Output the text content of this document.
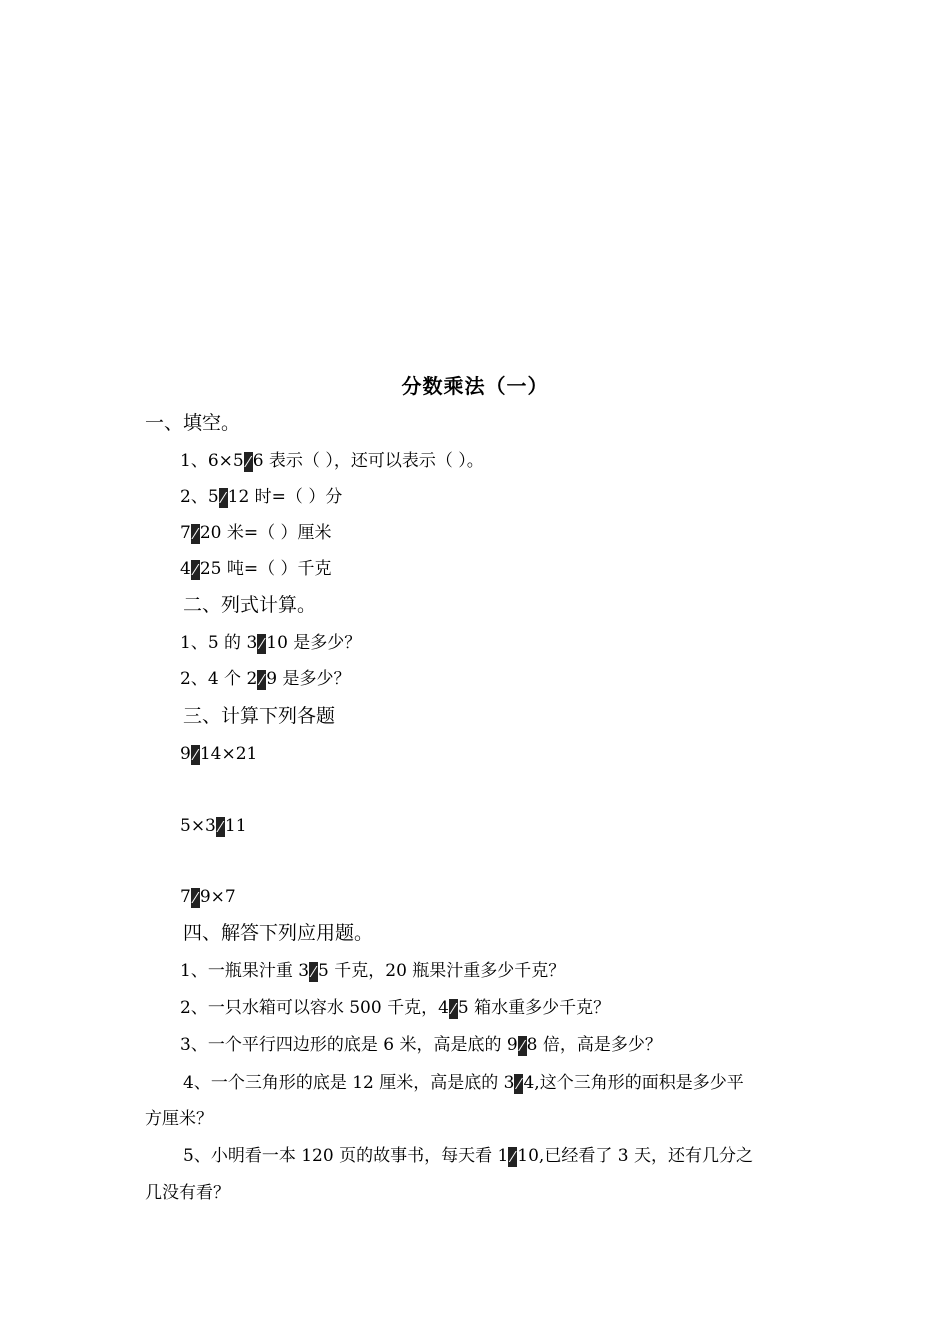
分数乘法（一）
一、填空。
1、6×5 ⁄ 6 表示（ ），还可以表示（ ）。
2、5 ⁄ 12 时=（ ）分
7 ⁄ 20 米=（ ）厘米
4 ⁄ 25 吨=（ ）千克
二、列式计算。
1、5 的 3 ⁄ 10 是多少？
2、4 个 2 ⁄ 9 是多少？
三、计算下列各题
9 ⁄ 14×21
5×3 ⁄ 11
7 ⁄ 9×7
四、解答下列应用题。
1、一瓶果汁重 3 ⁄ 5 千克，20 瓶果汁重多少千克？
2、一只水箱可以容水 500 千克，4 ⁄ 5 箱水重多少千克？
3、一个平行四边形的底是 6 米，高是底的 9 ⁄ 8 倍，高是多少？
4、一个三角形的底是 12 厘米，高是底的 3 ⁄ 4,这个三角形的面积是多少平
方厘米？
5、小明看一本 120 页的故事书，每天看 1 ⁄ 10,已经看了 3 天，还有几分之
几没有看？
